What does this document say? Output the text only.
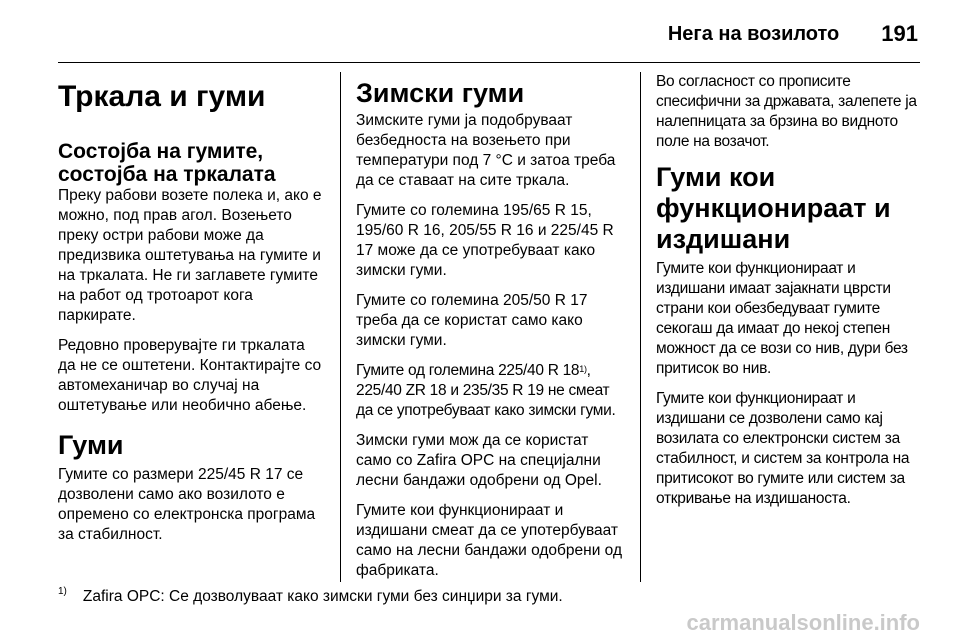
Нега на возилото 191
Тркала и гуми
Состојба на гумите, состојба на тркалата

Преку рабови возете полека и, ако е можно, под прав агол. Возењето преку остри рабови може да предизвика оштетувања на гумите и на тркалата. Не ги заглавете гумите на работ од тротоарот кога паркирате.

Редовно проверувајте ги тркалата да не се оштетени. Контактирајте со автомеханичар во случај на оштетување или необично абење.

Гуми

Гумите со размери 225/45 R 17 се дозволени само ако возилото е опремено со електронска програма за стабилност.

Зимски гуми

Зимските гуми ја подобруваат безбедноста на возењето при температури под 7 °C и затоа треба да се ставаат на сите тркала.

Гумите со големина 195/65 R 15, 195/60 R 16, 205/55 R 16 и 225/45 R 17 може да се употребуваат како зимски гуми.

Гумите со големина 205/50 R 17 треба да се користат само како зимски гуми.

Гумите од големина 225/40 R 18$^{1)}$, 225/40 ZR 18 и 235/35 R 19 не смеат да се употребуваат како зимски гуми.

Зимски гуми мож да се користат само со Zafira OPC на специјални лесни бандажи одобрени од Opel.

Гумите кои функционираат и издишани смеат да се употербуваат само на лесни бандажи одобрени од фабриката.

Во согласност со прописите спесифични за државата, залепете ја налепницата за брзина во видното поле на возачот.

Гуми кои функционираат и издишани

Гумите кои функционираат и издишани имаат зајакнати цврсти страни кои обезбедуваат гумите секогаш да имаат до некој степен можност да се вози со нив, дури без притисок во нив.

Гумите кои функционираат и издишани се дозволени само кај возилата со електронски систем за стабилност, и систем за контрола на притисокот во гумите или систем за откривање на издишаноста.

1) Zafira OPC: Се дозволуваат како зимски гуми без синџири за гуми.
carmanualsonline.info
